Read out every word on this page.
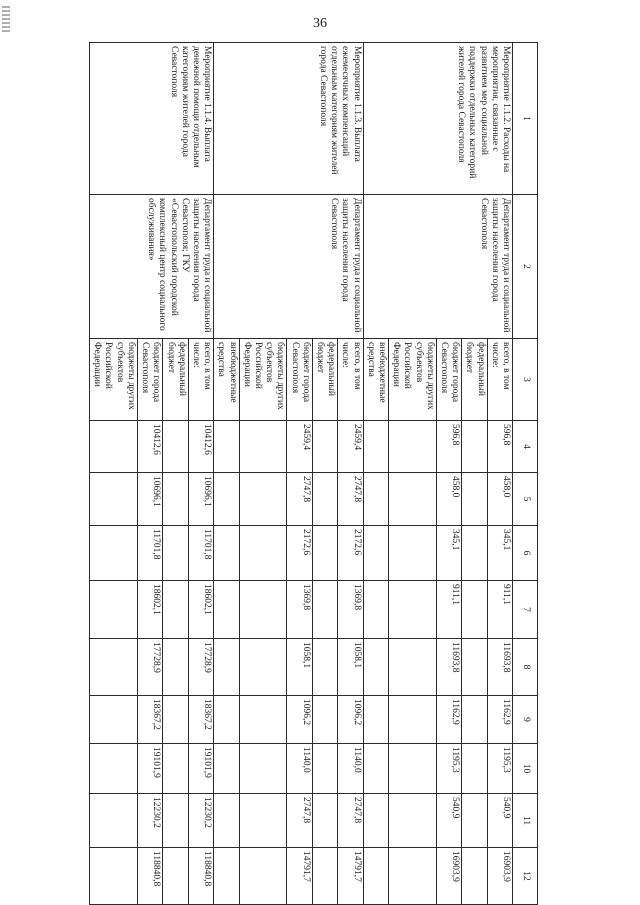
36
1	2	3	4	5	6	7	8	9	10	11	12
Мероприятие 1.1.2. Расходы на мероприятия, связанные с развитием мер социальной поддержки отдельных категорий жителей города Севастополя	Департамент труда и социальной защиты населения города Севастополя	всего, в том числе:	596,8	458,0	345,1	911,1	11693,8	1162,9	1195,3	540,9	16903,9
		федеральный бюджет									
		бюджет города Севастополя	596,8	458,0	345,1	911,1	11693,8	1162,9	1195,3	540,9	16903,9
		бюджеты других субъектов Российской Федерации									
		внебюджетные средства									
Мероприятие 1.1.3. Выплата ежемесячных компенсаций отдельным категориям жителей города Севастополя	Департамент труда и социальной защиты населения города Севастополя	всего, в том числе:	2459,4	2747,8	2172,6	1369,8	1058,1	1096,2	1140,0	2747,8	14791,7
		федеральный бюджет									
		бюджет города Севастополя	2459,4	2747,8	2172,6	1369,8	1058,1	1096,2	1140,0	2747,8	14791,7
		бюджеты других субъектов Российской Федерации									
		внебюджетные средства									
Мероприятие 1.1.4. Выплата денежной помощи отдельным категориям жителей города Севастополя	Департамент труда и социальной защиты населения города Севастополя; ГКУ «Севастопольский городской комплексный центр социального обслуживания»	всего, в том числе:	10412,6	10696,1	11701,8	18602,1	17728,9	18367,2	19101,9	12230,2	118840,8
		федеральный бюджет									
		бюджет города Севастополя	10412,6	10696,1	11701,8	18602,1	17728,9	18367,2	19101,9	12230,2	118840,8
		бюджеты других субъектов Российской Федерации									
